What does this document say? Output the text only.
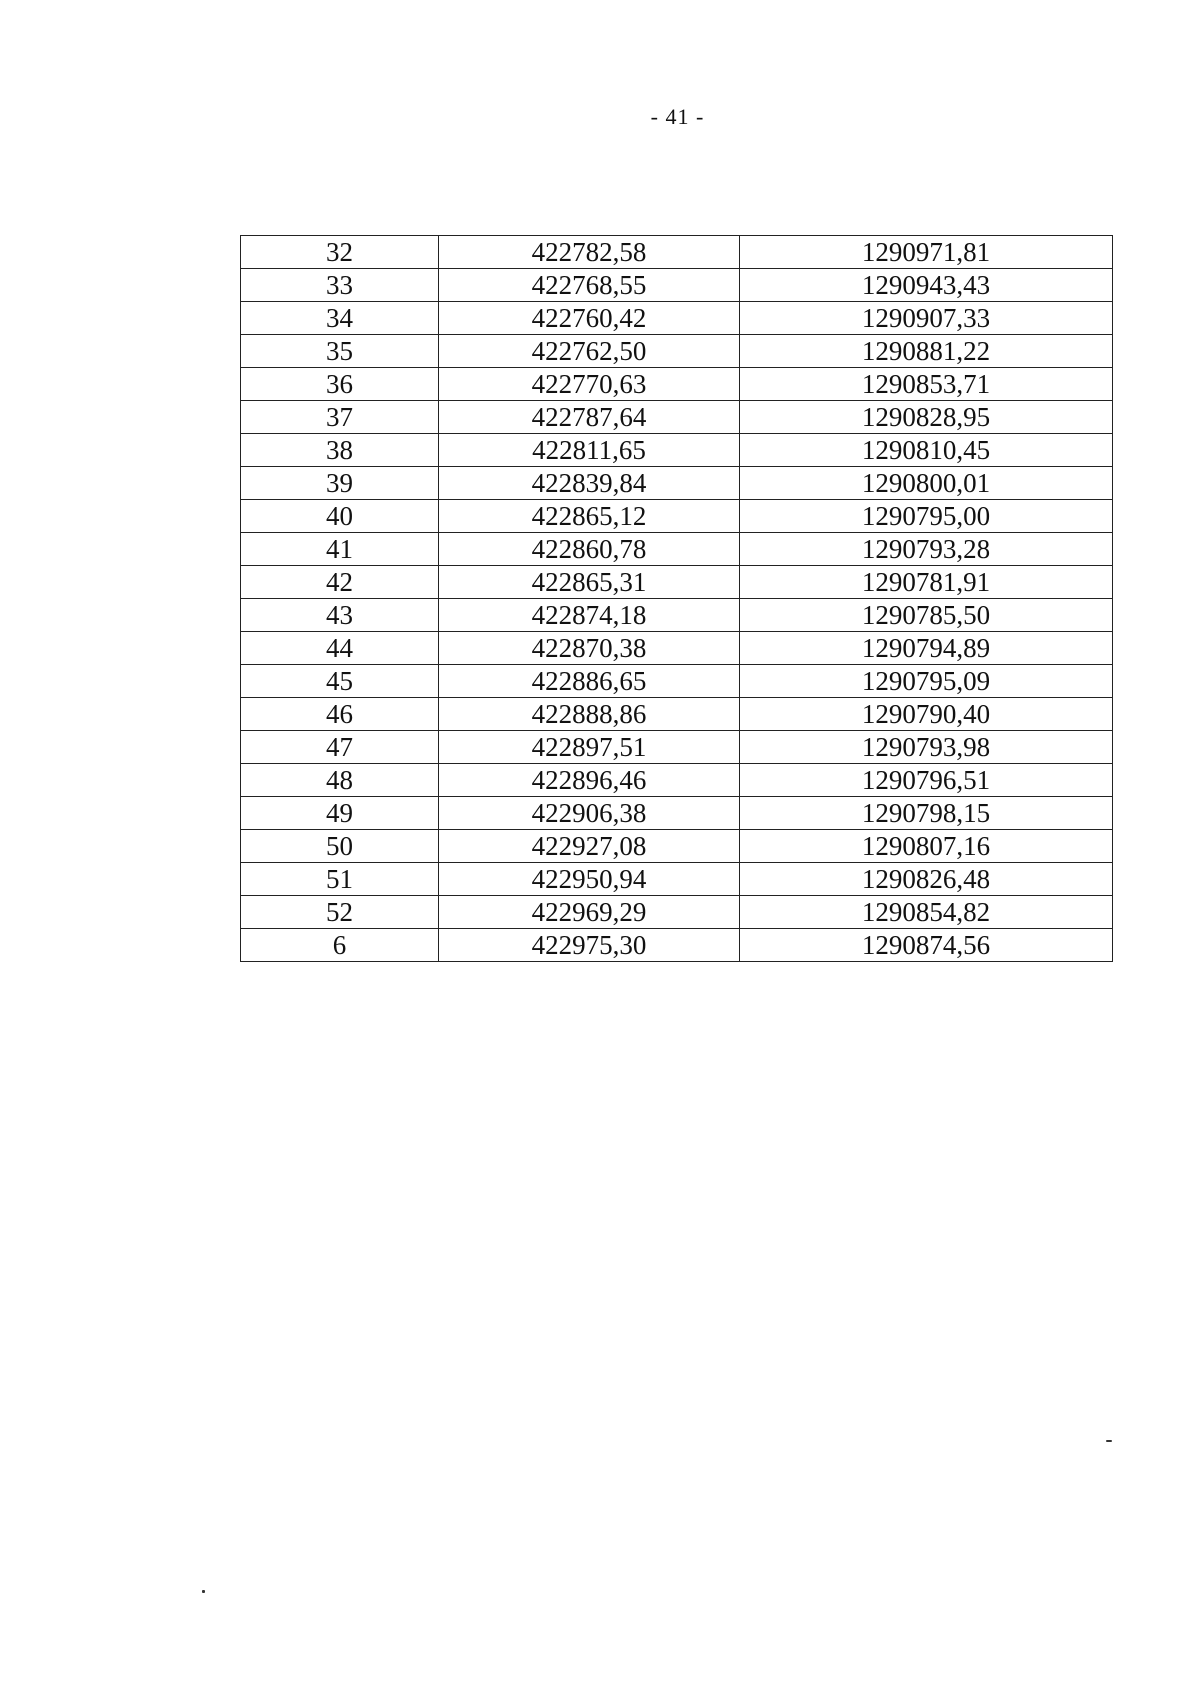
- 41 -
32	422782,58	1290971,81
33	422768,55	1290943,43
34	422760,42	1290907,33
35	422762,50	1290881,22
36	422770,63	1290853,71
37	422787,64	1290828,95
38	422811,65	1290810,45
39	422839,84	1290800,01
40	422865,12	1290795,00
41	422860,78	1290793,28
42	422865,31	1290781,91
43	422874,18	1290785,50
44	422870,38	1290794,89
45	422886,65	1290795,09
46	422888,86	1290790,40
47	422897,51	1290793,98
48	422896,46	1290796,51
49	422906,38	1290798,15
50	422927,08	1290807,16
51	422950,94	1290826,48
52	422969,29	1290854,82
6	422975,30	1290874,56
